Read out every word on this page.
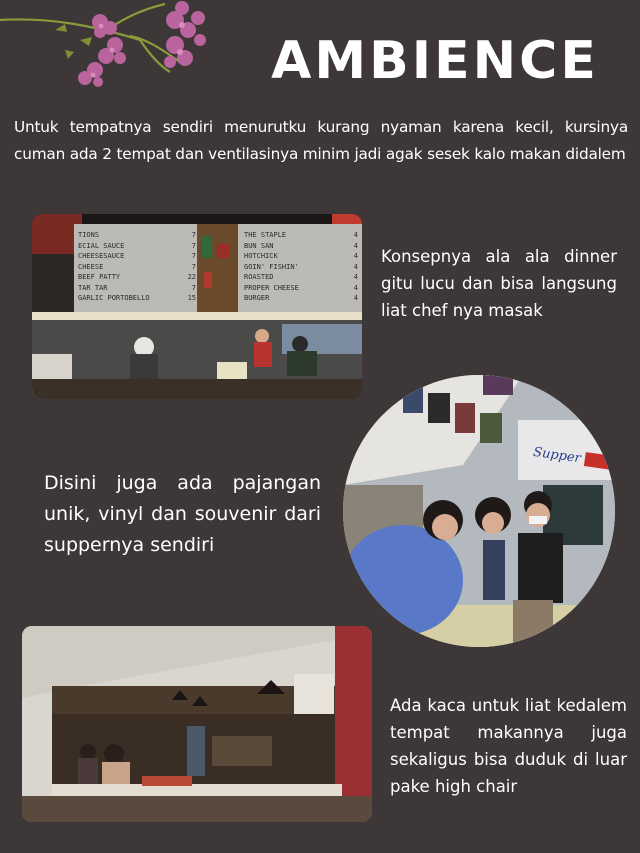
AMBIENCE
Untuk tempatnya sendiri menurutku kurang nyaman karena kecil, kursinya cuman ada 2 tempat dan ventilasinya minim jadi agak sesek kalo makan didalem
TIONS	7
ECIAL SAUCE	7
CHEESESAUCE	7
CHEESE	7
BEEF PATTY	22
TAR TAR	7
GARLIC PORTOBELLO	15
THE STAPLE	4
BUN SAN	4
HOTCHICK	4
GOIN' FISHIN'	4
ROASTED	4
PROPER CHEESE	4
BURGER	4
Konsepnya ala ala dinner gitu lucu dan bisa langsung liat chef nya masak
Supper
Disini juga ada pajangan unik, vinyl dan souvenir dari suppernya sendiri
Ada kaca untuk liat kedalem tempat makannya juga sekaligus bisa duduk di luar pake high chair
